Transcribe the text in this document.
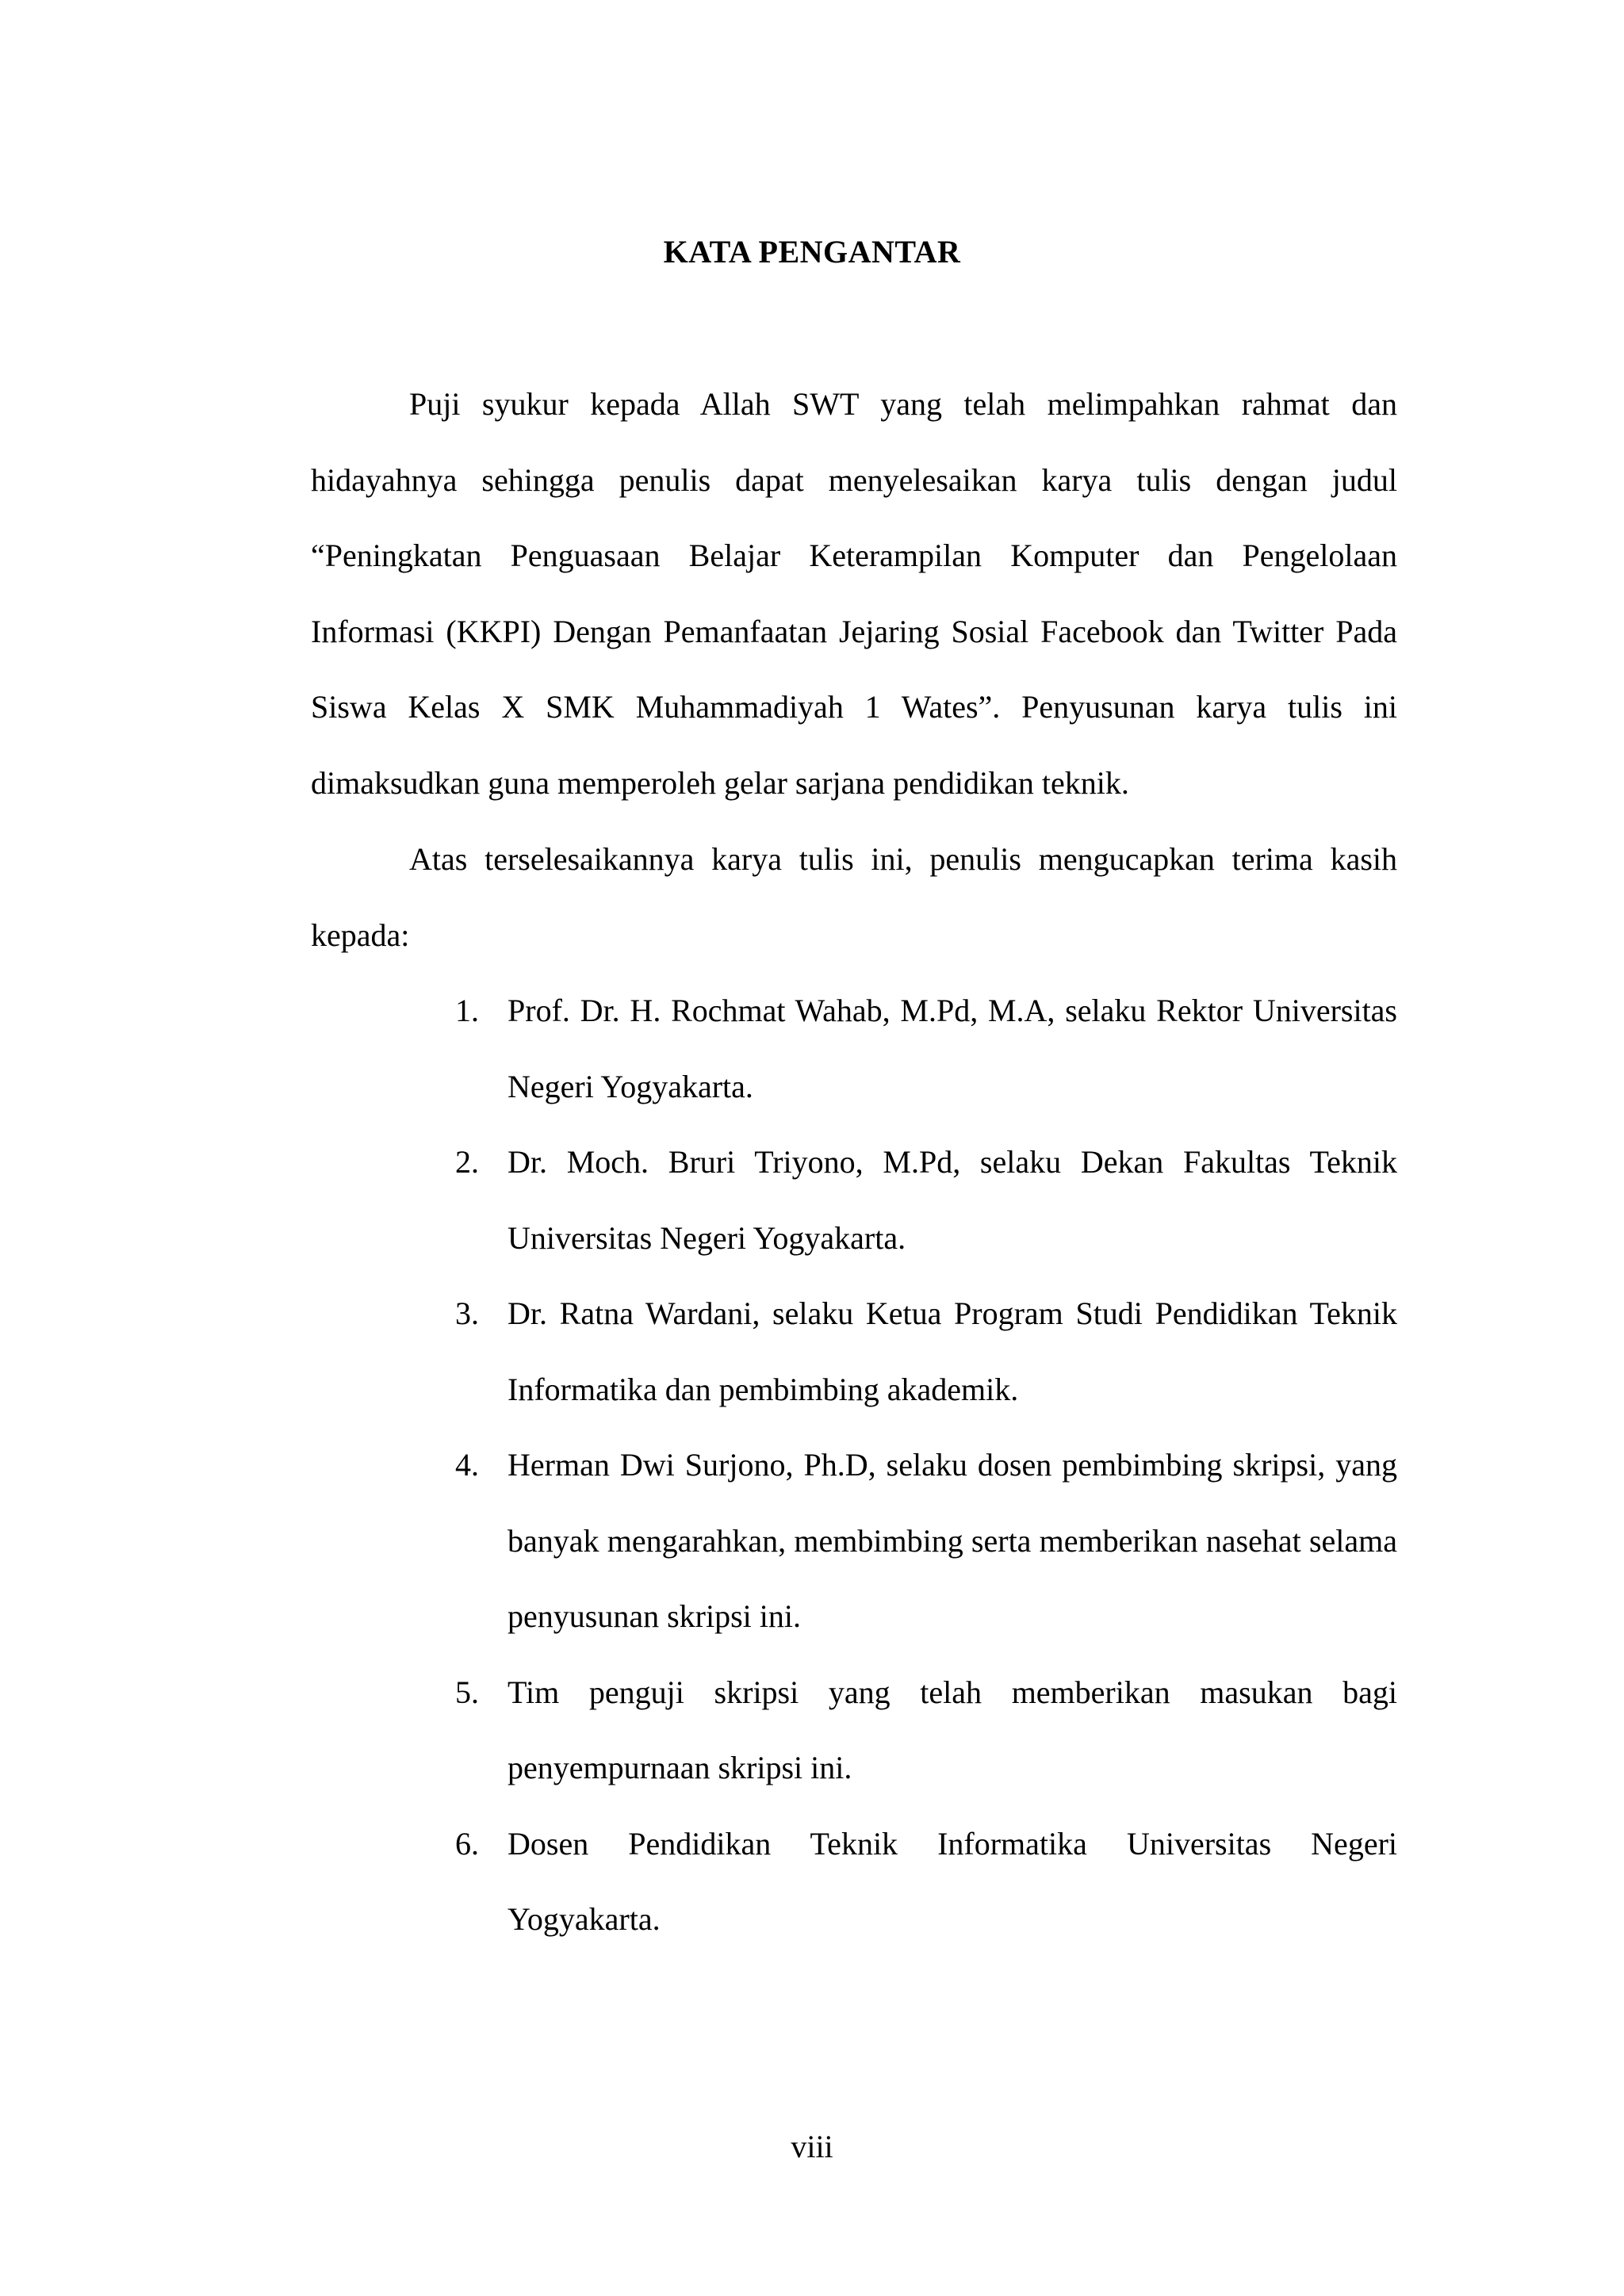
KATA PENGANTAR

Puji syukur kepada Allah SWT yang telah melimpahkan rahmat dan hidayahnya sehingga penulis dapat menyelesaikan karya tulis dengan judul “Peningkatan Penguasaan Belajar Keterampilan Komputer dan Pengelolaan Informasi (KKPI) Dengan Pemanfaatan Jejaring Sosial Facebook dan Twitter Pada Siswa Kelas X SMK Muhammadiyah 1 Wates”. Penyusunan karya tulis ini dimaksudkan guna memperoleh gelar sarjana pendidikan teknik.

Atas terselesaikannya karya tulis ini, penulis mengucapkan terima kasih kepada:

1. Prof. Dr. H. Rochmat Wahab, M.Pd, M.A, selaku Rektor Universitas Negeri Yogyakarta.
2. Dr. Moch. Bruri Triyono, M.Pd, selaku Dekan Fakultas Teknik Universitas Negeri Yogyakarta.
3. Dr. Ratna Wardani, selaku Ketua Program Studi Pendidikan Teknik Informatika dan pembimbing akademik.
4. Herman Dwi Surjono, Ph.D, selaku dosen pembimbing skripsi, yang banyak mengarahkan, membimbing serta memberikan nasehat selama penyusunan skripsi ini.
5. Tim penguji skripsi yang telah memberikan masukan bagi penyempurnaan skripsi ini.
6. Dosen Pendidikan Teknik Informatika Universitas Negeri Yogyakarta.
viii
